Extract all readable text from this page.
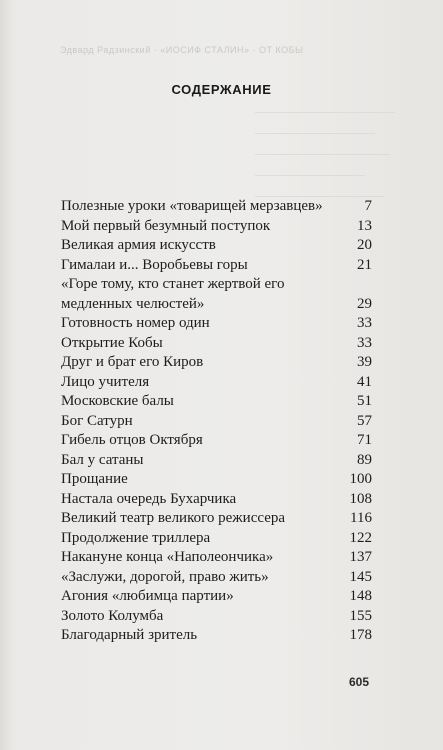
Эдвард Радзинский · «ИОСИФ СТАЛИН» · ОТ КОБЫ
СОДЕРЖАНИЕ
Полезные уроки «товарищей мерзавцев»	7
Мой первый безумный поступок	13
Великая армия искусств	20
Гималаи и... Воробьевы горы	21
«Горе тому, кто станет жертвой его медленных челюстей»	29
Готовность номер один	33
Открытие Кобы	33
Друг и брат его Киров	39
Лицо учителя	41
Московские балы	51
Бог Сатурн	57
Гибель отцов Октября	71
Бал у сатаны	89
Прощание	100
Настала очередь Бухарчика	108
Великий театр великого режиссера	116
Продолжение триллера	122
Накануне конца «Наполеончика»	137
«Заслужи, дорогой, право жить»	145
Агония «любимца партии»	148
Золото Колумба	155
Благодарный зритель	178
605
